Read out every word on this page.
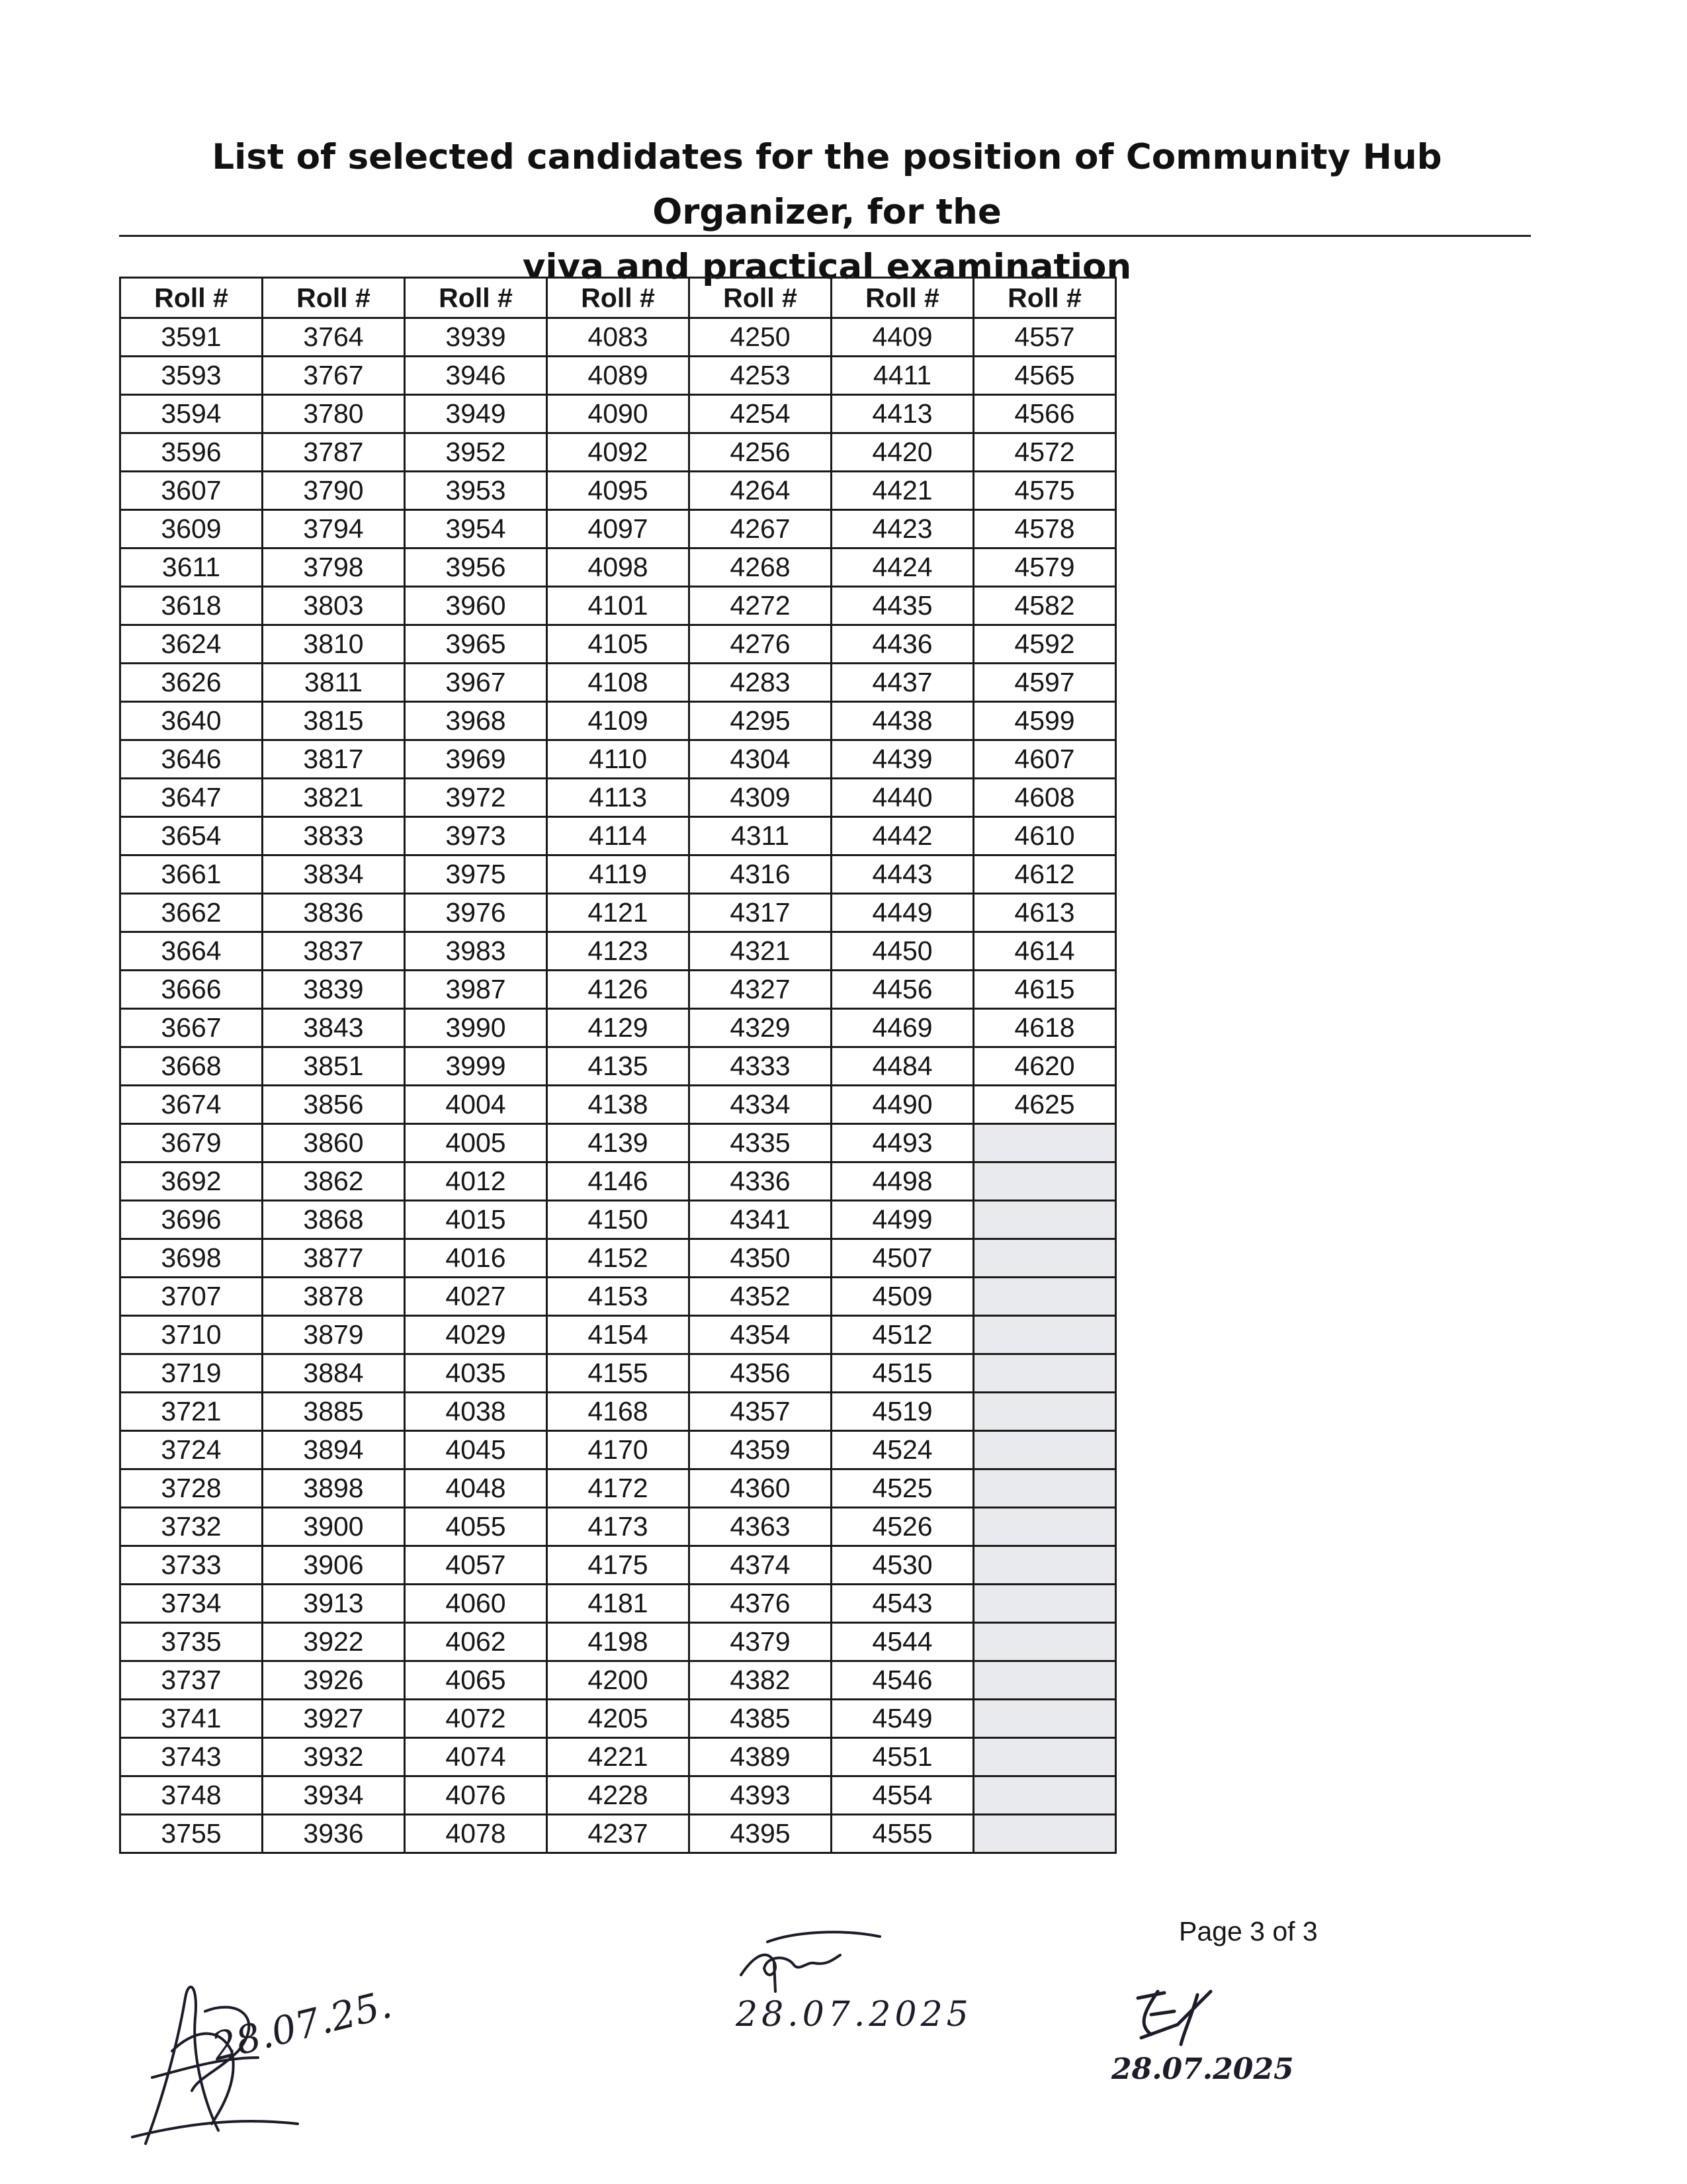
List of selected candidates for the position of Community Hub Organizer, for the
viva and practical examination
Roll #	Roll #	Roll #	Roll #	Roll #	Roll #	Roll #
3591	3764	3939	4083	4250	4409	4557
3593	3767	3946	4089	4253	4411	4565
3594	3780	3949	4090	4254	4413	4566
3596	3787	3952	4092	4256	4420	4572
3607	3790	3953	4095	4264	4421	4575
3609	3794	3954	4097	4267	4423	4578
3611	3798	3956	4098	4268	4424	4579
3618	3803	3960	4101	4272	4435	4582
3624	3810	3965	4105	4276	4436	4592
3626	3811	3967	4108	4283	4437	4597
3640	3815	3968	4109	4295	4438	4599
3646	3817	3969	4110	4304	4439	4607
3647	3821	3972	4113	4309	4440	4608
3654	3833	3973	4114	4311	4442	4610
3661	3834	3975	4119	4316	4443	4612
3662	3836	3976	4121	4317	4449	4613
3664	3837	3983	4123	4321	4450	4614
3666	3839	3987	4126	4327	4456	4615
3667	3843	3990	4129	4329	4469	4618
3668	3851	3999	4135	4333	4484	4620
3674	3856	4004	4138	4334	4490	4625
3679	3860	4005	4139	4335	4493	
3692	3862	4012	4146	4336	4498	
3696	3868	4015	4150	4341	4499	
3698	3877	4016	4152	4350	4507	
3707	3878	4027	4153	4352	4509	
3710	3879	4029	4154	4354	4512	
3719	3884	4035	4155	4356	4515	
3721	3885	4038	4168	4357	4519	
3724	3894	4045	4170	4359	4524	
3728	3898	4048	4172	4360	4525	
3732	3900	4055	4173	4363	4526	
3733	3906	4057	4175	4374	4530	
3734	3913	4060	4181	4376	4543	
3735	3922	4062	4198	4379	4544	
3737	3926	4065	4200	4382	4546	
3741	3927	4072	4205	4385	4549	
3743	3932	4074	4221	4389	4551	
3748	3934	4076	4228	4393	4554	
3755	3936	4078	4237	4395	4555	
Page 3 of 3
28.07.25.	28.07.2025
28.07.2025
